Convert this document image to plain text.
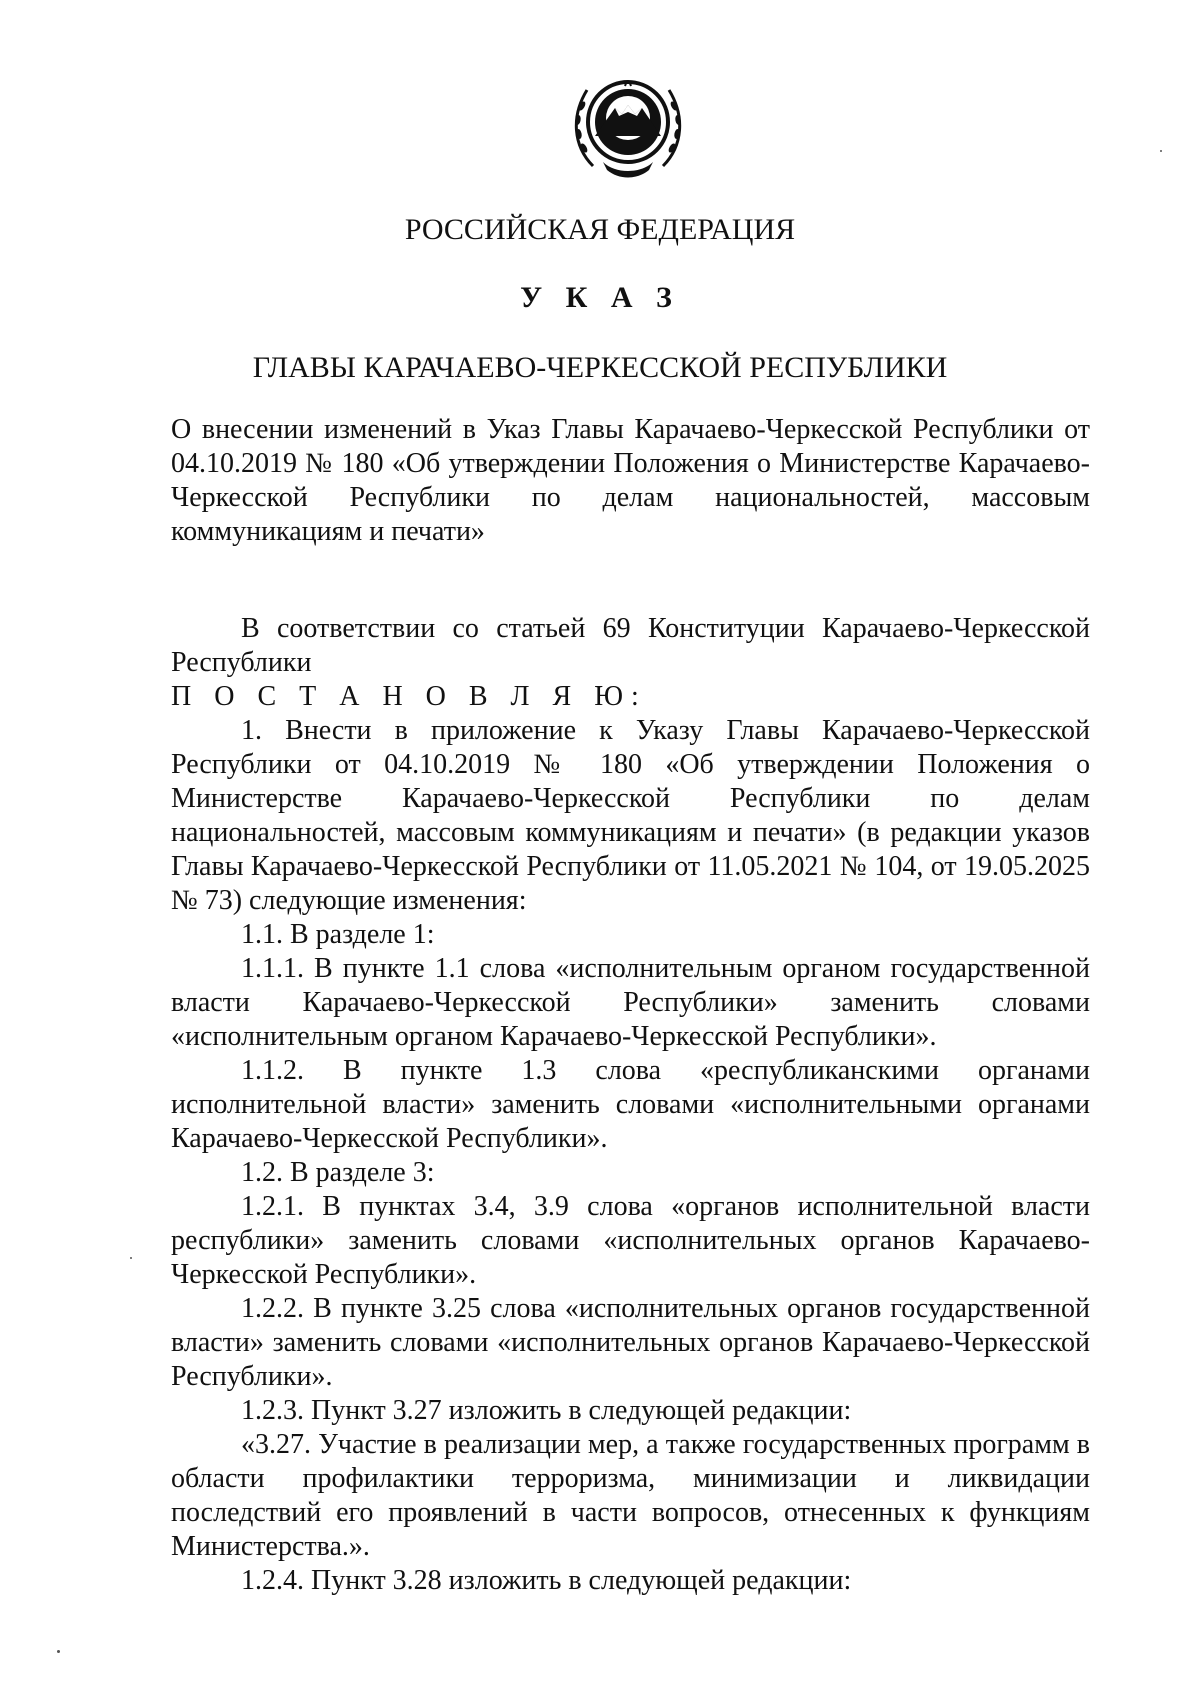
РОССИЙСКАЯ ФЕДЕРАЦИЯ
У К А З
ГЛАВЫ КАРАЧАЕВО-ЧЕРКЕССКОЙ РЕСПУБЛИКИ
О внесении изменений в Указ Главы Карачаево-Черкесской Республики от 04.10.2019 № 180 «Об утверждении Положения о Министерстве Карачаево-Черкесской Республики по делам национальностей, массовым коммуникациям и печати»

В соответствии со статьей 69 Конституции Карачаево-Черкесской Республики

П О С Т А Н О В Л Я Ю:

1. Внести в приложение к Указу Главы Карачаево-Черкесской Республики от 04.10.2019 № 180 «Об утверждении Положения о Министерстве Карачаево-Черкесской Республики по делам национальностей, массовым коммуникациям и печати» (в редакции указов Главы Карачаево-Черкесской Республики от 11.05.2021 № 104, от 19.05.2025 № 73) следующие изменения:

1.1. В разделе 1:

1.1.1. В пункте 1.1 слова «исполнительным органом государственной власти Карачаево-Черкесской Республики» заменить словами «исполнительным органом Карачаево-Черкесской Республики».

1.1.2. В пункте 1.3 слова «республиканскими органами исполнительной власти» заменить словами «исполнительными органами Карачаево-Черкесской Республики».

1.2. В разделе 3:

1.2.1. В пунктах 3.4, 3.9 слова «органов исполнительной власти республики» заменить словами «исполнительных органов Карачаево-Черкесской Республики».

1.2.2. В пункте 3.25 слова «исполнительных органов государственной власти» заменить словами «исполнительных органов Карачаево-Черкесской Республики».

1.2.3. Пункт 3.27 изложить в следующей редакции:

«3.27. Участие в реализации мер, а также государственных программ в области профилактики терроризма, минимизации и ликвидации последствий его проявлений в части вопросов, отнесенных к функциям Министерства.».

1.2.4. Пункт 3.28 изложить в следующей редакции:
